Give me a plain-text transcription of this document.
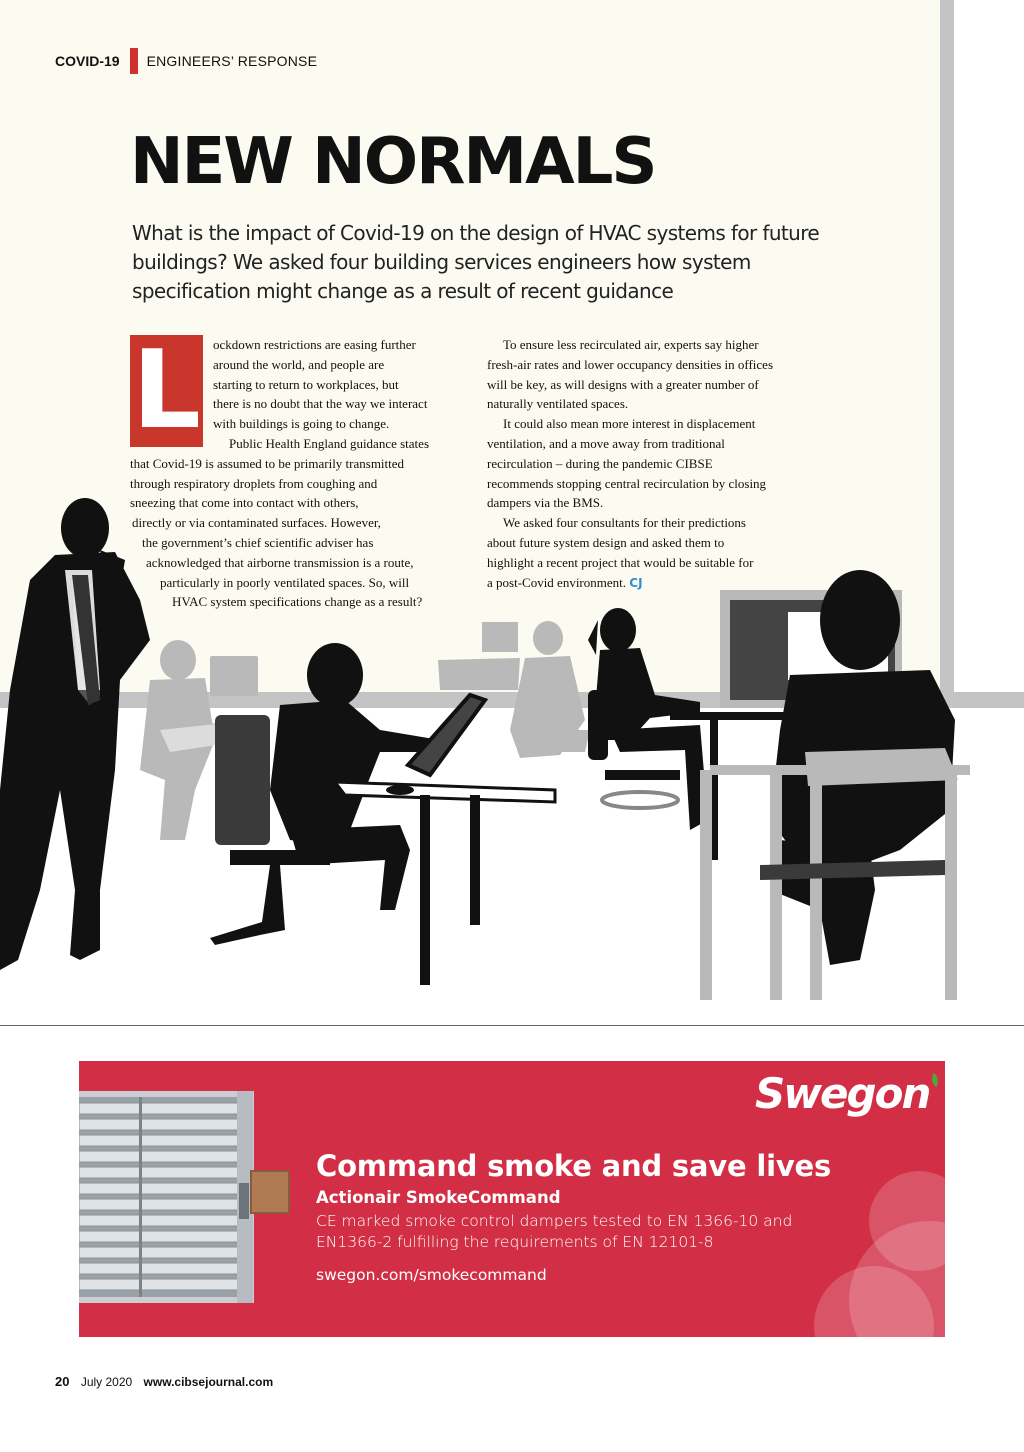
COVID-19 ENGINEERS’ RESPONSE
NEW NORMALS

What is the impact of Covid-19 on the design of HVAC systems for future
buildings? We asked four building services engineers how system
specification might change as a result of recent guidance

L ockdown restrictions are easing further

around the world, and people are

starting to return to workplaces, but

there is no doubt that the way we interact

with buildings is going to change.

Public Health England guidance states

that Covid-19 is assumed to be primarily transmitted

through respiratory droplets from coughing and

sneezing that come into contact with others,

directly or via contaminated surfaces. However,

the government’s chief scientific adviser has

acknowledged that airborne transmission is a route,

particularly in poorly ventilated spaces. So, will

HVAC system specifications change as a result?

To ensure less recirculated air, experts say higher

fresh-air rates and lower occupancy densities in offices

will be key, as will designs with a greater number of

naturally ventilated spaces.

It could also mean more interest in displacement

ventilation, and a move away from traditional

recirculation – during the pandemic CIBSE

recommends stopping central recirculation by closing

dampers via the BMS.

We asked four consultants for their predictions

about future system design and asked them to

highlight a recent project that would be suitable for

a post-Covid environment. CJ

Swegon
Command smoke and save lives
Actionair SmokeCommand

CE marked smoke control dampers tested to EN 1366-10 and
EN1366-2 fulfilling the requirements of EN 12101-8

swegon.com/smokecommand
20 July 2020 www.cibsejournal.com
